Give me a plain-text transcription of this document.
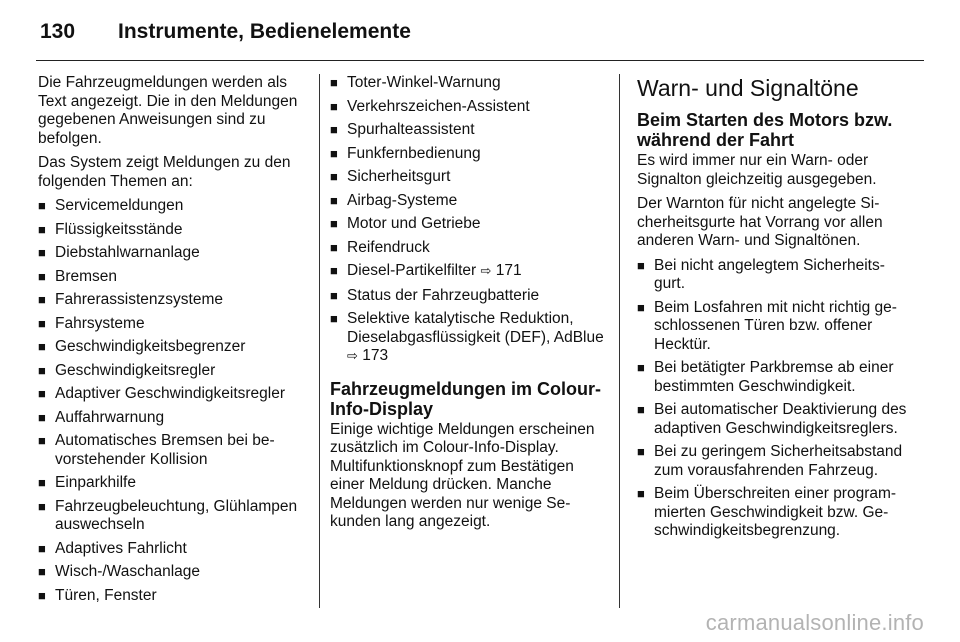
130 Instrumente, Bedienelemente

Die Fahrzeugmeldungen werden als Text angezeigt. Die in den Meldungen gegebenen Anweisungen sind zu befolgen.

Das System zeigt Meldungen zu den folgenden Themen an:

■ Servicemeldungen
■ Flüssigkeitsstände
■ Diebstahlwarnanlage
■ Bremsen
■ Fahrerassistenzsysteme
■ Fahrsysteme
■ Geschwindigkeitsbegrenzer
■ Geschwindigkeitsregler
■ Adaptiver Geschwindigkeitsregler
■ Auffahrwarnung
■ Automatisches Bremsen bei bevorstehender Kollision
■ Einparkhilfe
■ Fahrzeugbeleuchtung, Glühlampen auswechseln
■ Adaptives Fahrlicht
■ Wisch-/Waschanlage
■ Türen, Fenster
■ Toter-Winkel-Warnung
■ Verkehrszeichen-Assistent
■ Spurhalteassistent
■ Funkfernbedienung
■ Sicherheitsgurt
■ Airbag-Systeme
■ Motor und Getriebe
■ Reifendruck
■ Diesel-Partikelfilter ⇨ 171
■ Status der Fahrzeugbatterie
■ Selektive katalytische Reduktion, Dieselabgasflüssigkeit (DEF), AdBlue ⇨ 173
Fahrzeugmeldungen im Colour-Info-Display

Einige wichtige Meldungen erscheinen zusätzlich im Colour-Info-Display. Multifunktionsknopf zum Bestätigen einer Meldung drücken. Manche Meldungen werden nur wenige Sekunden lang angezeigt.

Warn- und Signaltöne
Beim Starten des Motors bzw. während der Fahrt

Es wird immer nur ein Warn- oder Signalton gleichzeitig ausgegeben.

Der Warnton für nicht angelegte Sicherheitsgurte hat Vorrang vor allen anderen Warn- und Signaltönen.

■ Bei nicht angelegtem Sicherheitsgurt.
■ Beim Losfahren mit nicht richtig geschlossenen Türen bzw. offener Hecktür.
■ Bei betätigter Parkbremse ab einer bestimmten Geschwindigkeit.
■ Bei automatischer Deaktivierung des adaptiven Geschwindigkeitsreglers.
■ Bei zu geringem Sicherheitsabstand zum vorausfahrenden Fahrzeug.
■ Beim Überschreiten einer programmierten Geschwindigkeit bzw. Geschwindigkeitsbegrenzung.
carmanualsonline.info
